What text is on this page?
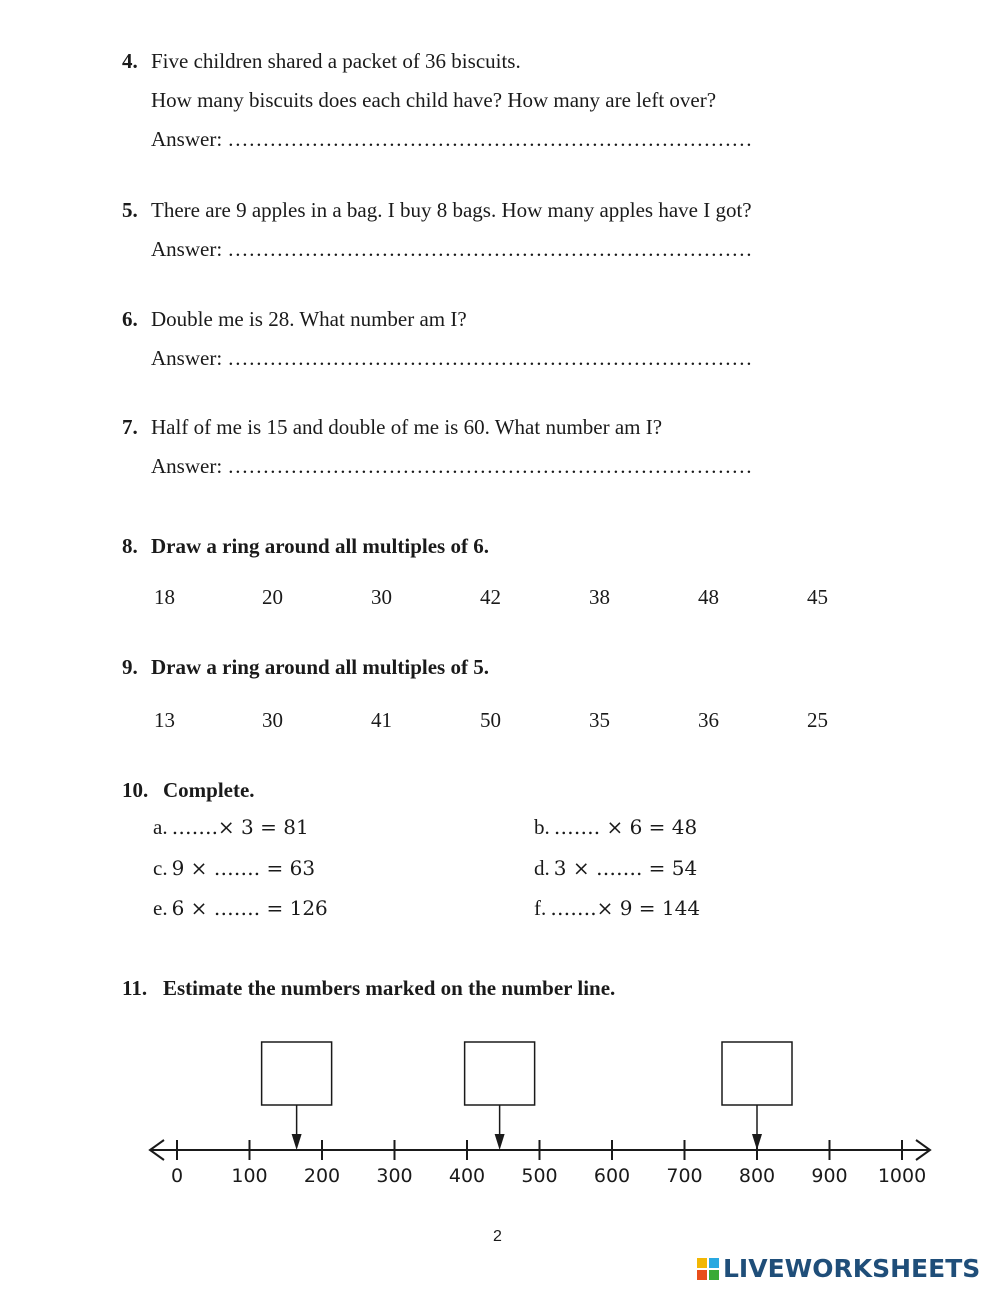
4. Five children shared a packet of 36 biscuits.
How many biscuits does each child have? How many are left over?
Answer: …………………………………………………………………
5. There are 9 apples in a bag. I buy 8 bags. How many apples have I got?
Answer: …………………………………………………………………
6. Double me is 28. What number am I?
Answer: …………………………………………………………………
7. Half of me is 15 and double of me is 60. What number am I?
Answer: …………………………………………………………………
8. Draw a ring around all multiples of 6.
18	20	30	42	38	48	45
9. Draw a ring around all multiples of 5.
13	30	41	50	35	36	25
10. Complete.
a. …….× 3 = 81	b. ……. × 6 = 48
c. 9 × ……. = 63	d. 3 × ……. = 54
e. 6 × ……. = 126	f. …….× 9 = 144
11. Estimate the numbers marked on the number line.
0	100 200 300 400 500 600 700 800 900 1000
2
LIVEWORKSHEETS
